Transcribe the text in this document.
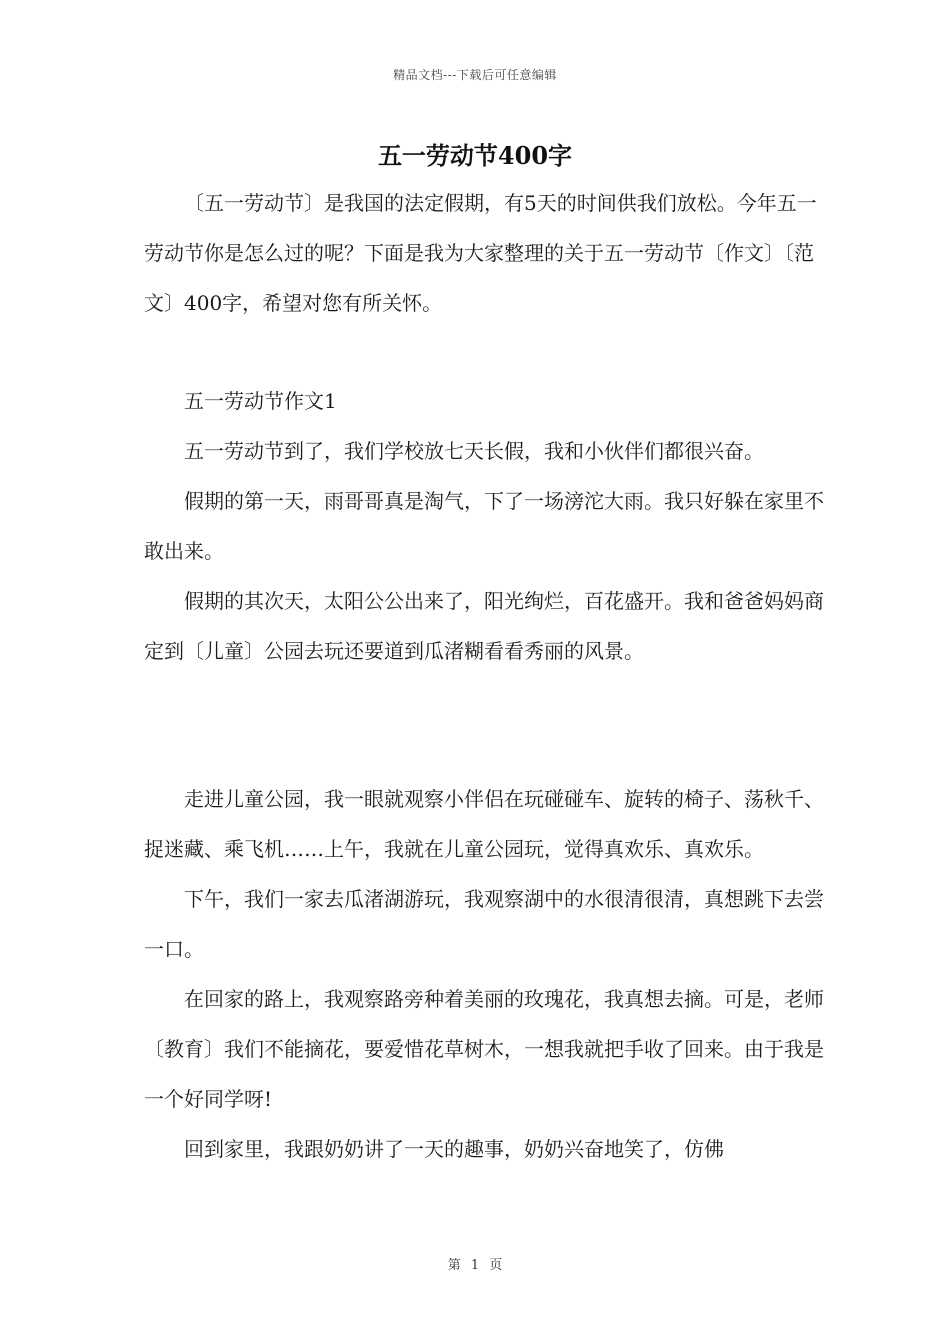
精品文档---下载后可任意编辑
五一劳动节400字

〔五一劳动节〕是我国的法定假期，有5天的时间供我们放松。今年五一劳动节你是怎么过的呢？下面是我为大家整理的关于五一劳动节〔作文〕〔范文〕400字，希望对您有所关怀。

五一劳动节作文1

五一劳动节到了，我们学校放七天长假，我和小伙伴们都很兴奋。

假期的第一天，雨哥哥真是淘气，下了一场滂沱大雨。我只好躲在家里不敢出来。

假期的其次天，太阳公公出来了，阳光绚烂，百花盛开。我和爸爸妈妈商定到〔儿童〕公园去玩还要道到瓜渚糊看看秀丽的风景。

走进儿童公园，我一眼就观察小伴侣在玩碰碰车、旋转的椅子、荡秋千、捉迷藏、乘飞机……上午，我就在儿童公园玩，觉得真欢乐、真欢乐。

下午，我们一家去瓜渚湖游玩，我观察湖中的水很清很清，真想跳下去尝一口。

在回家的路上，我观察路旁种着美丽的玫瑰花，我真想去摘。可是，老师〔教育〕我们不能摘花，要爱惜花草树木，一想我就把手收了回来。由于我是一个好同学呀!

回到家里，我跟奶奶讲了一天的趣事，奶奶兴奋地笑了，仿佛

第 1 页
